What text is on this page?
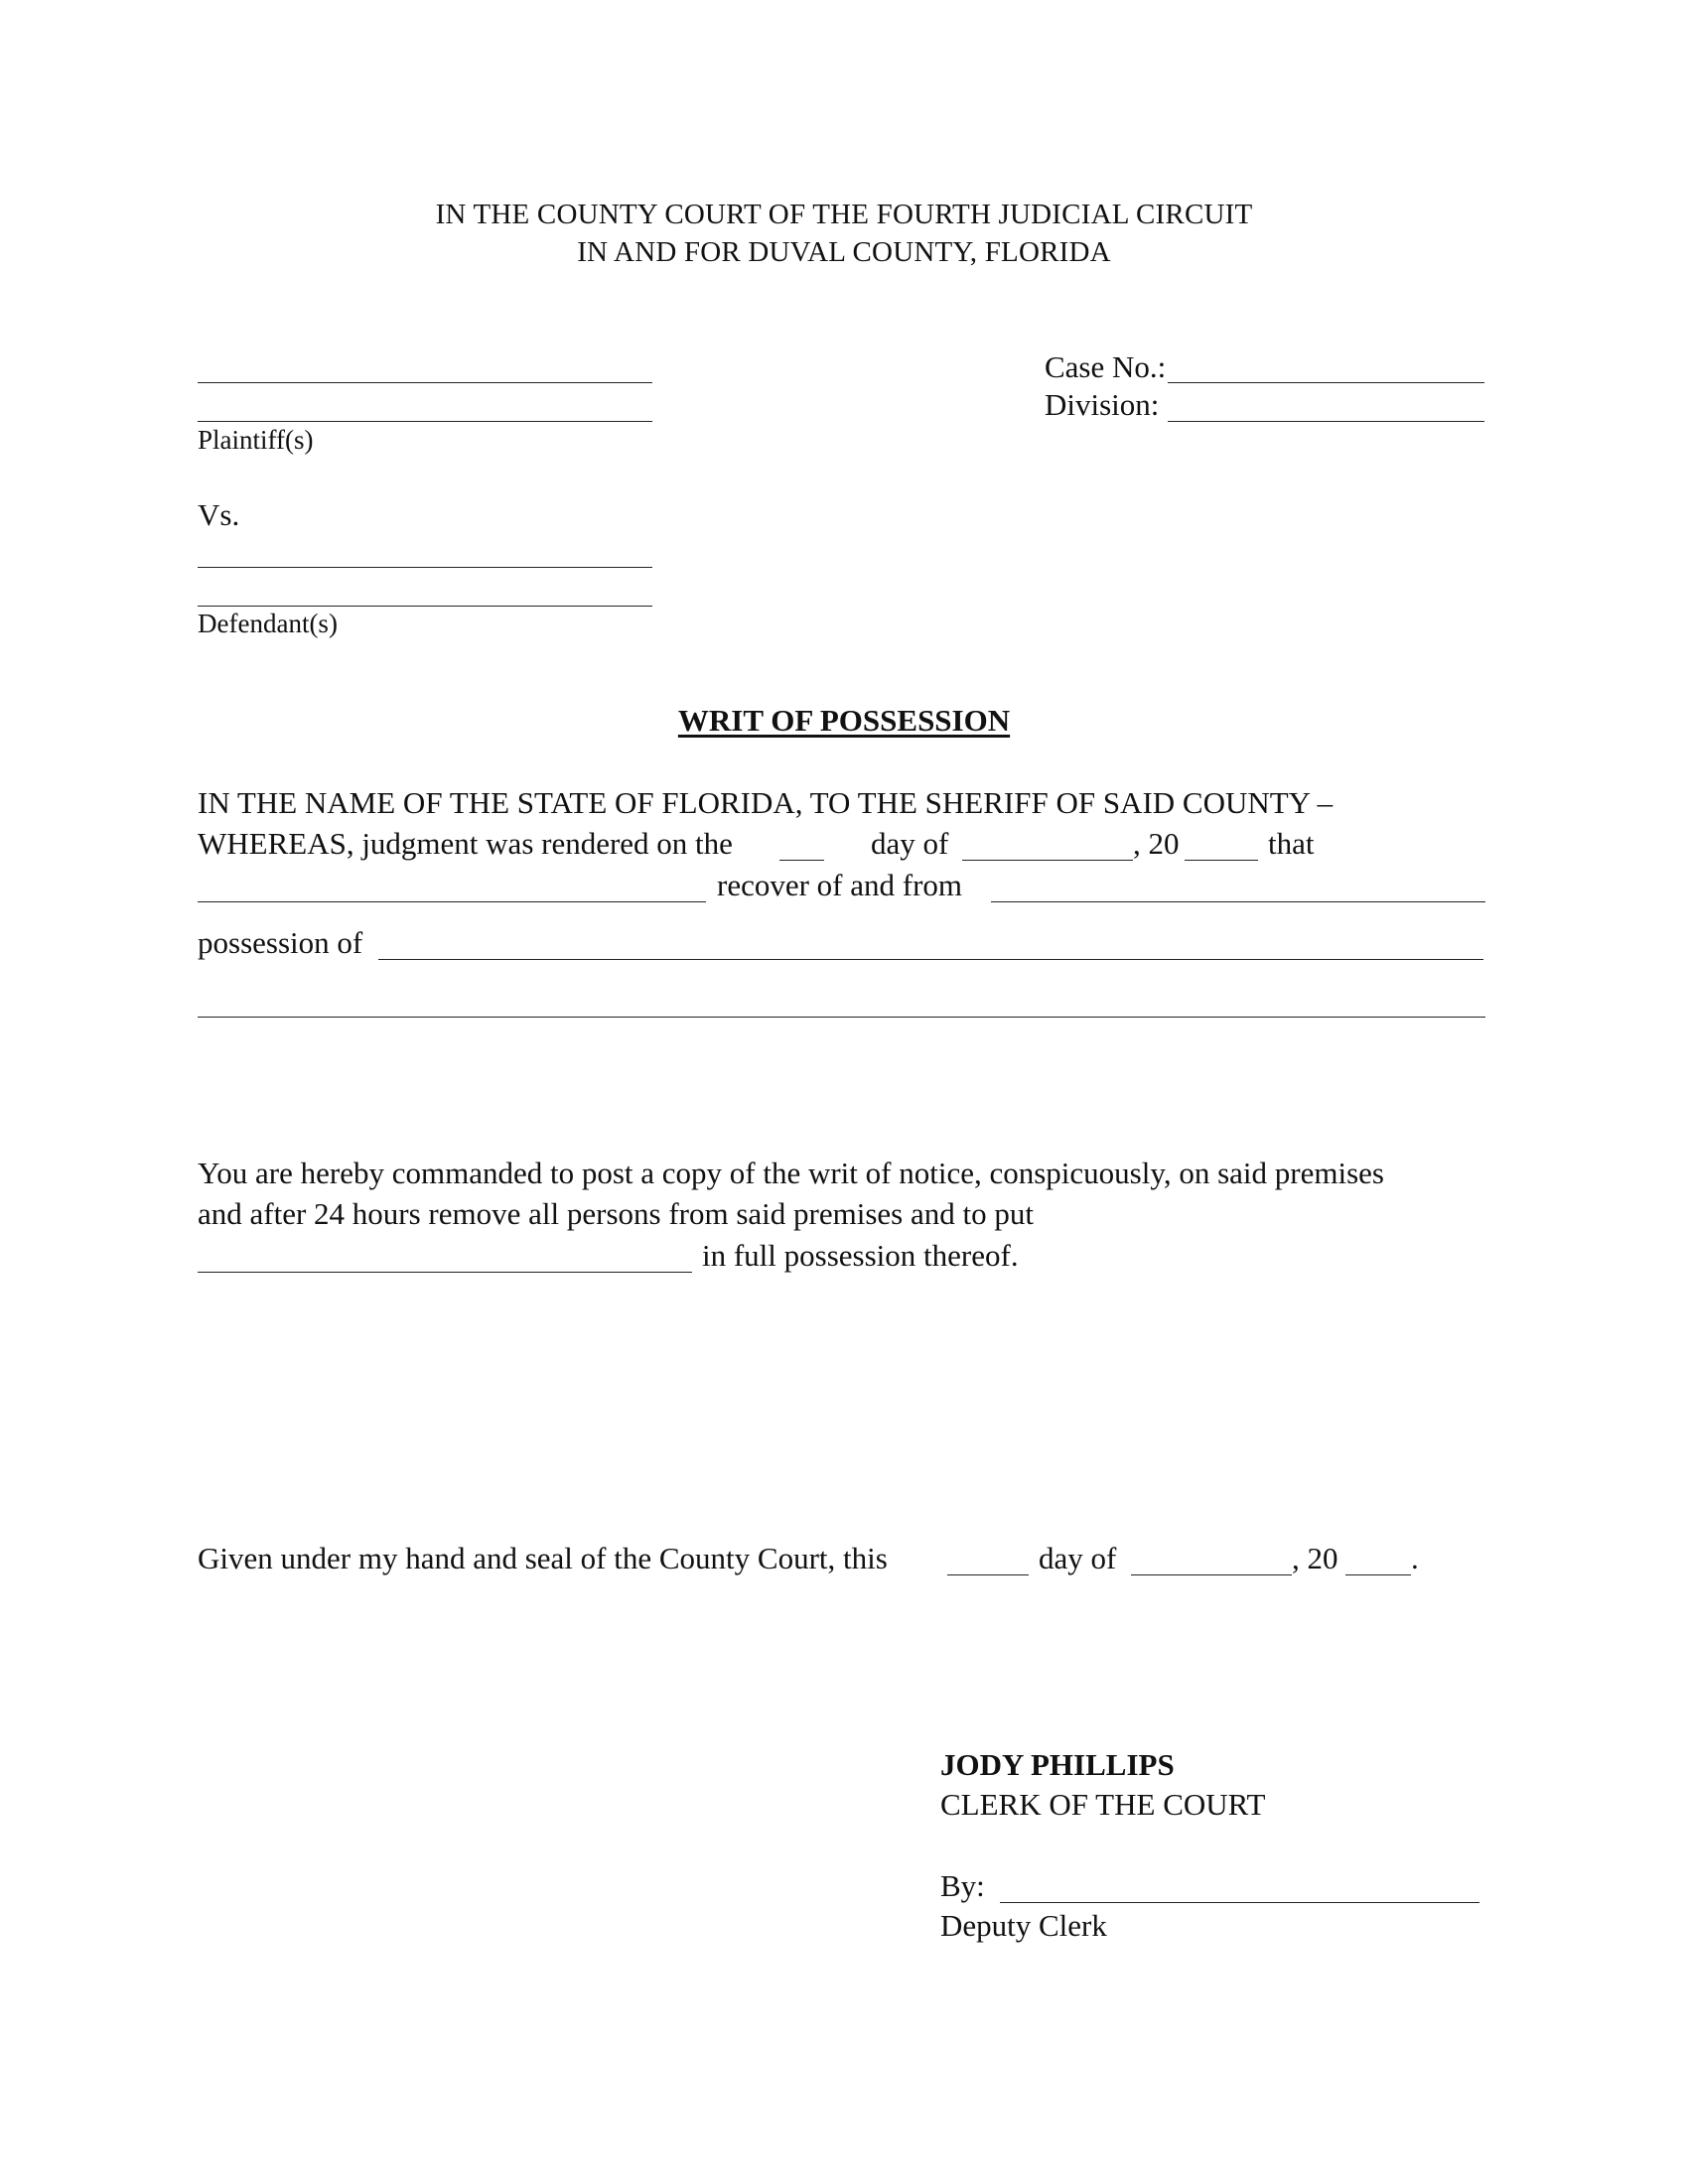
IN THE COUNTY COURT OF THE FOURTH JUDICIAL CIRCUIT
IN AND FOR DUVAL COUNTY, FLORIDA
Plaintiff(s)
Vs.
Defendant(s)
Case No.:
Division:
WRIT OF POSSESSION
IN THE NAME OF THE STATE OF FLORIDA, TO THE SHERIFF OF SAID COUNTY –
WHEREAS, judgment was rendered on the	day of	, 20	that
recover of and from
possession of
You are hereby commanded to post a copy of the writ of notice, conspicuously, on said premises
and after 24 hours remove all persons from said premises and to put
in full possession thereof.
Given under my hand and seal of the County Court, this	day of	, 20 .
JODY PHILLIPS
CLERK OF THE COURT
By:
Deputy Clerk
